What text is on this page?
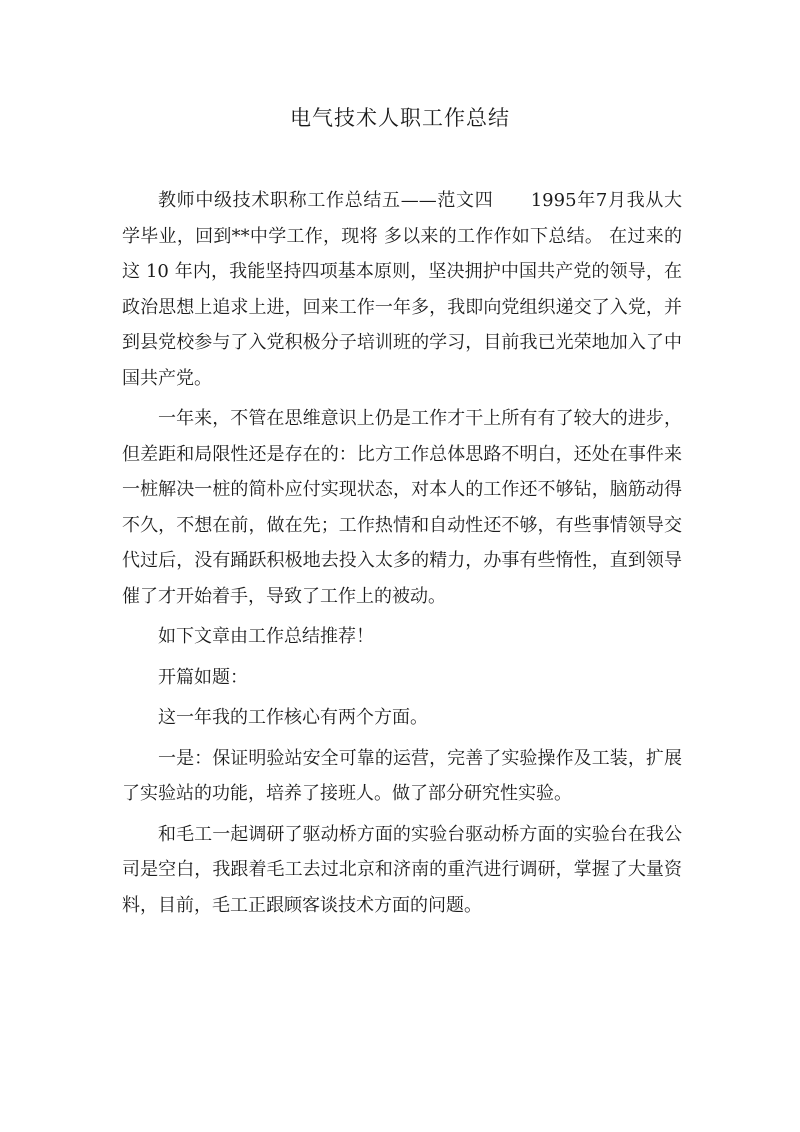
电气技术人职工作总结

教师中级技术职称工作总结五——范文四　　1995年7月我从大学毕业，回到**中学工作，现将 多以来的工作作如下总结。 在过来的这 10 年内，我能坚持四项基本原则，坚决拥护中国共产党的领导，在政治思想上追求上进，回来工作一年多，我即向党组织递交了入党，并到县党校参与了入党积极分子培训班的学习，目前我已光荣地加入了中国共产党。

一年来，不管在思维意识上仍是工作才干上所有有了较大的进步，但差距和局限性还是存在的：比方工作总体思路不明白，还处在事件来一桩解决一桩的简朴应付实现状态，对本人的工作还不够钻，脑筋动得不久，不想在前，做在先；工作热情和自动性还不够，有些事情领导交代过后，没有踊跃积极地去投入太多的精力，办事有些惰性，直到领导催了才开始着手，导致了工作上的被动。

如下文章由工作总结推荐！

开篇如题：

这一年我的工作核心有两个方面。

一是：保证明验站安全可靠的运营，完善了实验操作及工装，扩展了实验站的功能，培养了接班人。做了部分研究性实验。

和毛工一起调研了驱动桥方面的实验台驱动桥方面的实验台在我公司是空白，我跟着毛工去过北京和济南的重汽进行调研，掌握了大量资料，目前，毛工正跟顾客谈技术方面的问题。
